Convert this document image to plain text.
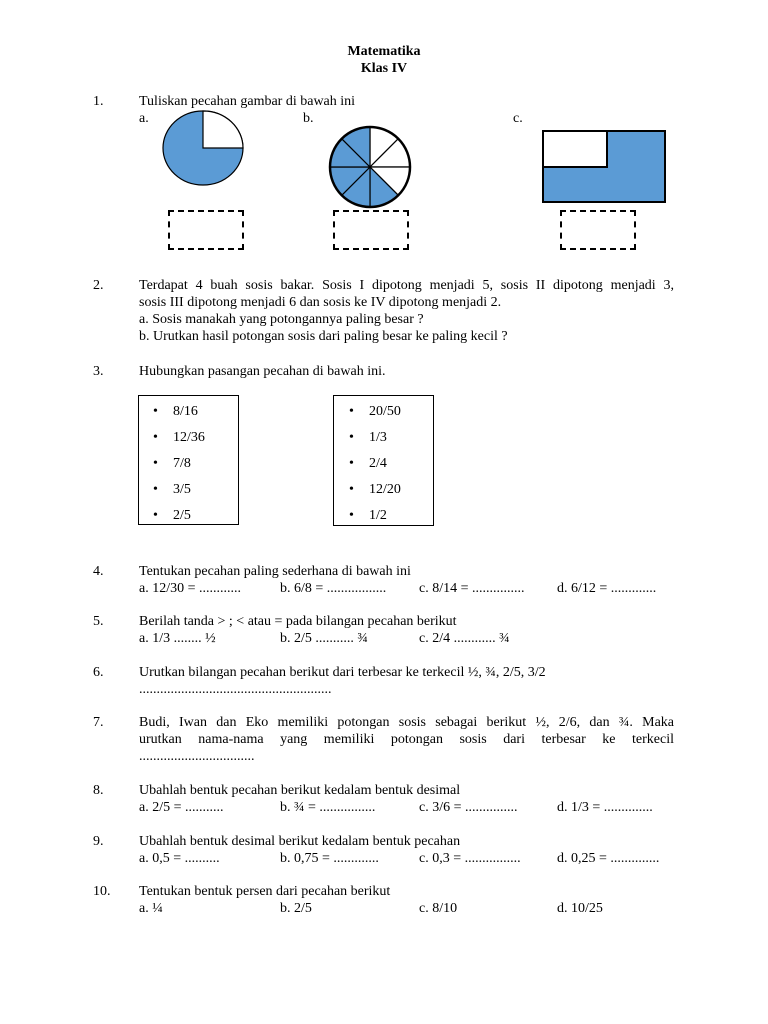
Matematika
Klas IV
1.	Tuliskan pecahan gambar di bawah ini
a.	b.	c.
2.	Terdapat 4 buah sosis bakar. Sosis I dipotong menjadi 5, sosis II dipotong menjadi 3,
sosis III dipotong menjadi 6 dan sosis ke IV dipotong menjadi 2.
a. Sosis manakah yang potongannya paling besar ?
b. Urutkan hasil potongan sosis dari paling besar ke paling kecil ?
3.	Hubungkan pasangan pecahan di bawah ini.
• 8/16
• 12/36
• 7/8
• 3/5
• 2/5
• 20/50
• 1/3
• 2/4
• 12/20
• 1/2
4.	Tentukan pecahan paling sederhana di bawah ini
a. 12/30 = ............	b. 6/8 = ................. c. 8/14 = ............... d. 6/12 = .............
5.	Berilah tanda > ; < atau = pada bilangan pecahan berikut
a. 1/3 ........ ½	b. 2/5 ........... ¾	c. 2/4 ............ ¾
6.	Urutkan bilangan pecahan berikut dari terbesar ke terkecil ½, ¾, 2/5, 3/2
.......................................................
7.	Budi, Iwan dan Eko memiliki potongan sosis sebagai berikut ½, 2/6, dan ¾. Maka
urutkan nama-nama yang memiliki potongan sosis dari terbesar ke terkecil
.................................
8.	Ubahlah bentuk pecahan berikut kedalam bentuk desimal
a. 2/5 = ...........	b. ¾ = ................	c. 3/6 = ...............	d. 1/3 = ..............
9.	Ubahlah bentuk desimal berikut kedalam bentuk pecahan
a. 0,5 = ..........	b. 0,75 = .............	c. 0,3 = ................	d. 0,25 = ..............
10. Tentukan bentuk persen dari pecahan berikut
a. ¼	b. 2/5	c. 8/10	d. 10/25
